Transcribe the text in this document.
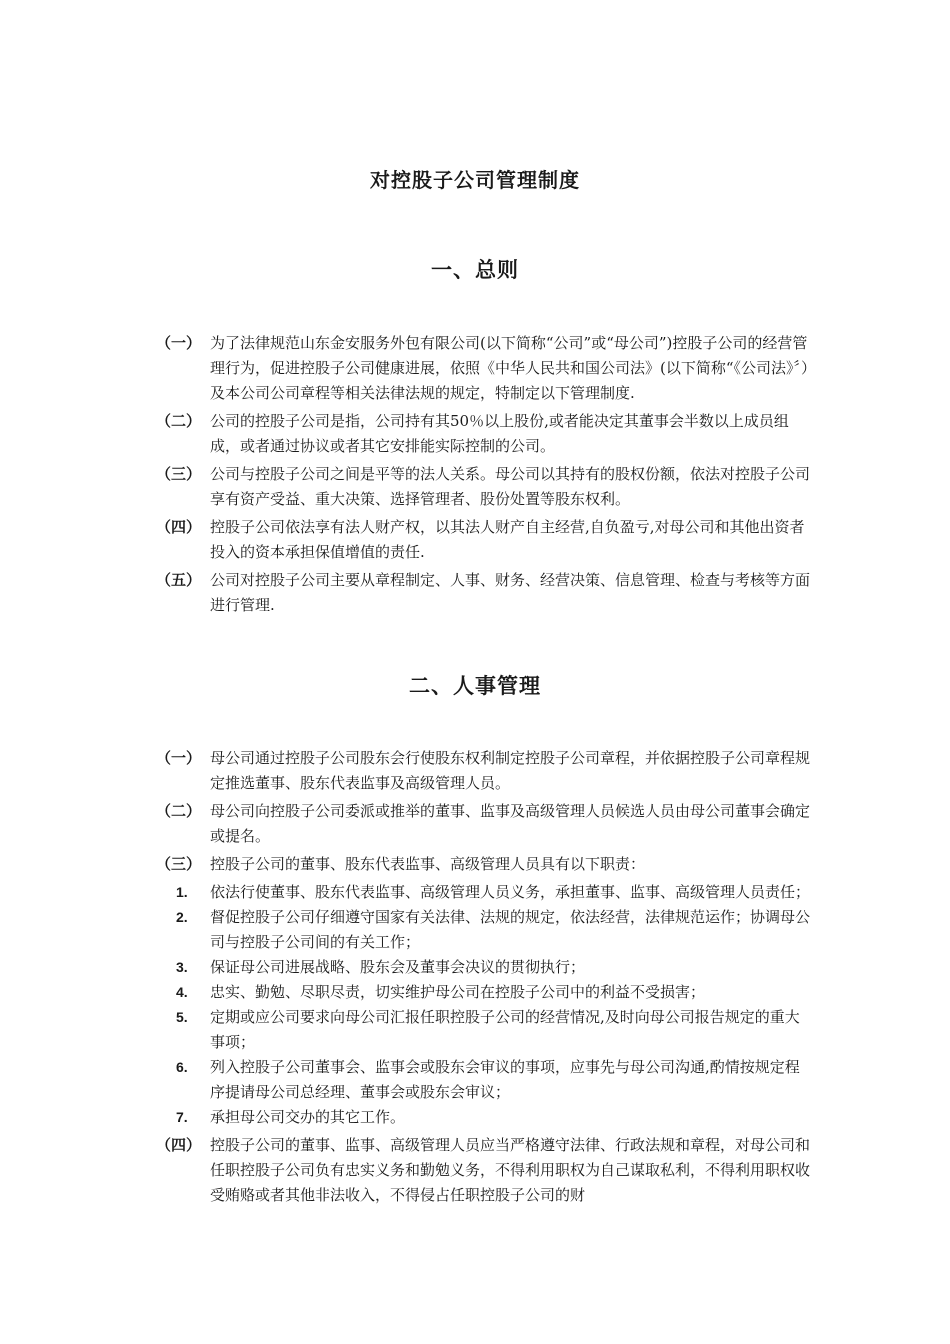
对控股子公司管理制度
一、总则
（一） 为了法律规范山东金安服务外包有限公司(以下简称“公司”或“母公司”)控股子公司的经营管理行为，促进控股子公司健康进展，依照《中华人民共和国公司法》(以下简称“《公司法》〞）及本公司公司章程等相关法律法规的规定，特制定以下管理制度.
（二） 公司的控股子公司是指，公司持有其50％以上股份,或者能决定其董事会半数以上成员组成，或者通过协议或者其它安排能实际控制的公司。
（三） 公司与控股子公司之间是平等的法人关系。母公司以其持有的股权份额，依法对控股子公司享有资产受益、重大决策、选择管理者、股份处置等股东权利。
（四） 控股子公司依法享有法人财产权，以其法人财产自主经营,自负盈亏,对母公司和其他出资者投入的资本承担保值增值的责任.
（五） 公司对控股子公司主要从章程制定、人事、财务、经营决策、信息管理、检查与考核等方面进行管理.
二、人事管理
（一） 母公司通过控股子公司股东会行使股东权利制定控股子公司章程，并依据控股子公司章程规定推选董事、股东代表监事及高级管理人员。
（二） 母公司向控股子公司委派或推举的董事、监事及高级管理人员候选人员由母公司董事会确定或提名。
（三） 控股子公司的董事、股东代表监事、高级管理人员具有以下职责：
1.	依法行使董事、股东代表监事、高级管理人员义务，承担董事、监事、高级管理人员责任；
2.	督促控股子公司仔细遵守国家有关法律、法规的规定，依法经营，法律规范运作；协调母公司与控股子公司间的有关工作；
3.	保证母公司进展战略、股东会及董事会决议的贯彻执行；
4.	忠实、勤勉、尽职尽责，切实维护母公司在控股子公司中的利益不受损害；
5.	定期或应公司要求向母公司汇报任职控股子公司的经营情况,及时向母公司报告规定的重大事项；
6.	列入控股子公司董事会、监事会或股东会审议的事项，应事先与母公司沟通,酌情按规定程序提请母公司总经理、董事会或股东会审议；
7.	承担母公司交办的其它工作。
（四） 控股子公司的董事、监事、高级管理人员应当严格遵守法律、行政法规和章程，对母公司和任职控股子公司负有忠实义务和勤勉义务，不得利用职权为自己谋取私利，不得利用职权收受贿赂或者其他非法收入，不得侵占任职控股子公司的财
